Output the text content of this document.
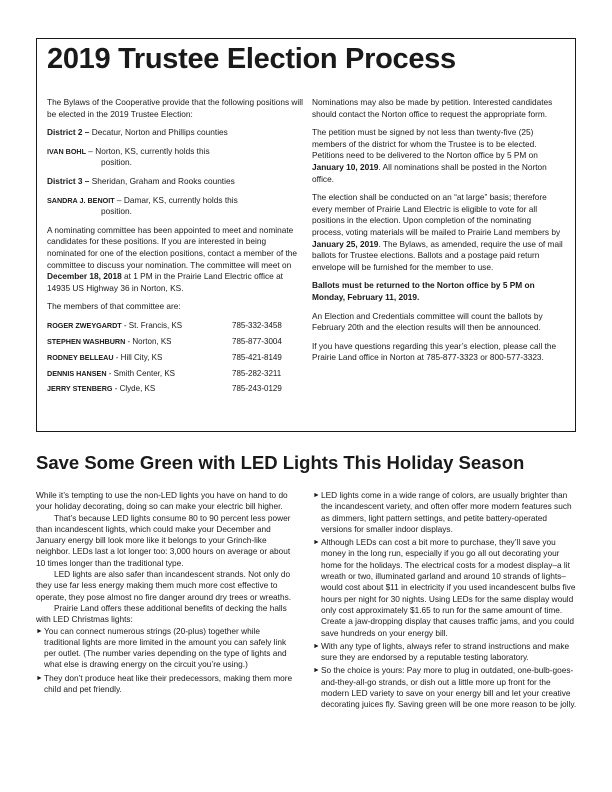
2019 Trustee Election Process

The Bylaws of the Cooperative provide that the following positions will be elected in the 2019 Trustee Election:

District 2 – Decatur, Norton and Phillips counties

IVAN BOHL – Norton, KS, currently holds this
position.

District 3 – Sheridan, Graham and Rooks counties

SANDRA J. BENOIT – Damar, KS, currently holds this
position.

A nominating committee has been appointed to meet and nominate candidates for these positions. If you are interested in being nominated for one of the election positions, contact a member of the committee to discuss your nomination. The committee will meet on December 18, 2018 at 1 PM in the Prairie Land Electric office at 14935 US Highway 36 in Norton, KS.

The members of that committee are:

ROGER ZWEYGARDT - St. Francis, KS	785-332-3458
STEPHEN WASHBURN - Norton, KS	785-877-3004
RODNEY BELLEAU - Hill City, KS	785-421-8149
DENNIS HANSEN - Smith Center, KS	785-282-3211
JERRY STENBERG - Clyde, KS	785-243-0129

Nominations may also be made by petition. Interested candidates should contact the Norton office to request the appropriate form.

The petition must be signed by not less than twenty-five (25) members of the district for whom the Trustee is to be elected. Petitions need to be delivered to the Norton office by 5 PM on January 10, 2019. All nominations shall be posted in the Norton office.

The election shall be conducted on an “at large” basis; therefore every member of Prairie Land Electric is eligible to vote for all positions in the election. Upon completion of the nominating process, voting materials will be mailed to Prairie Land members by January 25, 2019. The Bylaws, as amended, require the use of mail ballots for Trustee elections. Ballots and a postage paid return envelope will be furnished for the member to use.

Ballots must be returned to the Norton office by 5 PM on Monday, February 11, 2019.

An Election and Credentials committee will count the ballots by February 20th and the election results will then be announced.

If you have questions regarding this year’s election, please call the Prairie Land office in Norton at 785-877-3323 or 800-577-3323.

Save Some Green with LED Lights This Holiday Season

While it’s tempting to use the non-LED lights you have on hand to do your holiday decorating, doing so can make your electric bill higher.

That’s because LED lights consume 80 to 90 percent less power than incandescent lights, which could make your December and January energy bill look more like it belongs to your Grinch-like neighbor. LEDs last a lot longer too: 3,000 hours on average or about 10 times longer than the traditional type.

LED lights are also safer than incandescent strands. Not only do they use far less energy making them much more cost effective to operate, they pose almost no fire danger around dry trees or wreaths.

Prairie Land offers these additional benefits of decking the halls with LED Christmas lights:

► You can connect numerous strings (20-plus) together while traditional lights are more limited in the amount you can safely link per outlet. (The number varies depending on the type of lights and what else is drawing energy on the circuit you’re using.)
► They don’t produce heat like their predecessors, making them more child and pet friendly.
► LED lights come in a wide range of colors, are usually brighter than the incandescent variety, and often offer more modern features such as dimmers, light pattern settings, and petite battery-operated versions for smaller indoor displays.
► Although LEDs can cost a bit more to purchase, they’ll save you money in the long run, especially if you go all out decorating your home for the holidays. The electrical costs for a modest display–a lit wreath or two, illuminated garland and around 10 strands of lights–would cost about $11 in electricity if you used incandescent bulbs five hours per night for 30 nights. Using LEDs for the same display would only cost approximately $1.65 to run for the same amount of time. Create a jaw-dropping display that causes traffic jams, and you could save hundreds on your energy bill.
► With any type of lights, always refer to strand instructions and make sure they are endorsed by a reputable testing laboratory.
► So the choice is yours: Pay more to plug in outdated, one-bulb-goes-and-they-all-go strands, or dish out a little more up front for the modern LED variety to save on your energy bill and let your creative decorating juices fly. Saving green will be one more reason to be jolly.
